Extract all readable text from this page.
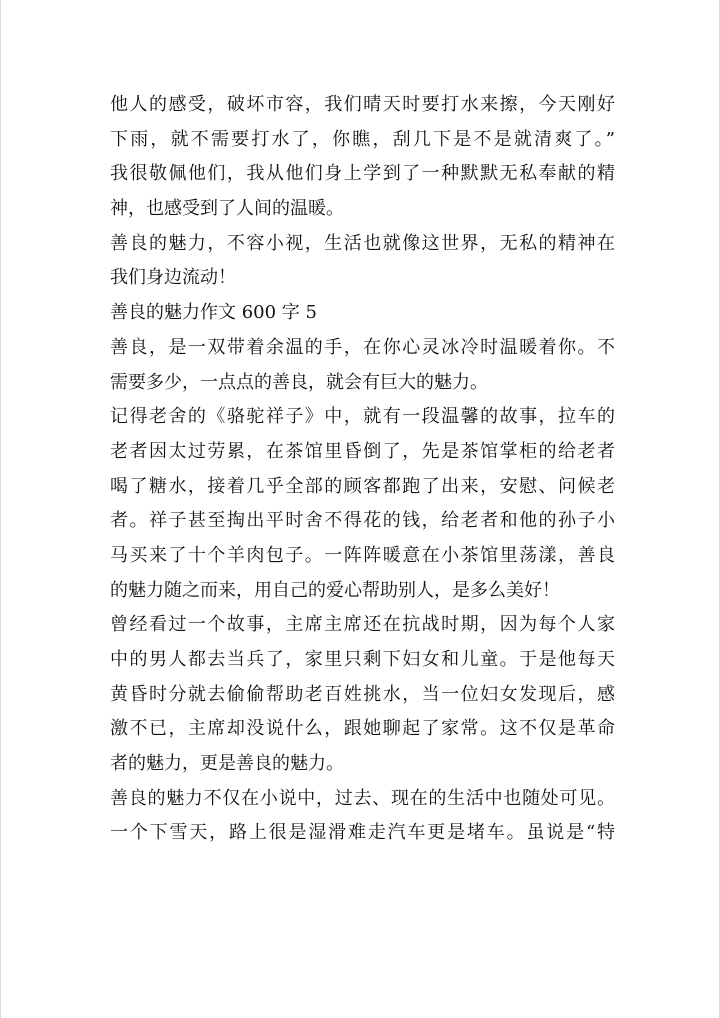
他人的感受，破坏市容，我们晴天时要打水来擦，今天刚好
下雨，就不需要打水了，你瞧，刮几下是不是就清爽了。”
我很敬佩他们，我从他们身上学到了一种默默无私奉献的精
神，也感受到了人间的温暖。
善良的魅力，不容小视，生活也就像这世界，无私的精神在
我们身边流动！
善良的魅力作文 600 字 5
善良，是一双带着余温的手，在你心灵冰冷时温暖着你。不
需要多少，一点点的善良，就会有巨大的魅力。
记得老舍的《骆驼祥子》中，就有一段温馨的故事，拉车的
老者因太过劳累，在茶馆里昏倒了，先是茶馆掌柜的给老者
喝了糖水，接着几乎全部的顾客都跑了出来，安慰、问候老
者。祥子甚至掏出平时舍不得花的钱，给老者和他的孙子小
马买来了十个羊肉包子。一阵阵暖意在小茶馆里荡漾，善良
的魅力随之而来，用自己的爱心帮助别人，是多么美好！
曾经看过一个故事，主席主席还在抗战时期，因为每个人家
中的男人都去当兵了，家里只剩下妇女和儿童。于是他每天
黄昏时分就去偷偷帮助老百姓挑水，当一位妇女发现后，感
激不已，主席却没说什么，跟她聊起了家常。这不仅是革命
者的魅力，更是善良的魅力。
善良的魅力不仅在小说中，过去、现在的生活中也随处可见。
一个下雪天，路上很是湿滑难走汽车更是堵车。虽说是“特
